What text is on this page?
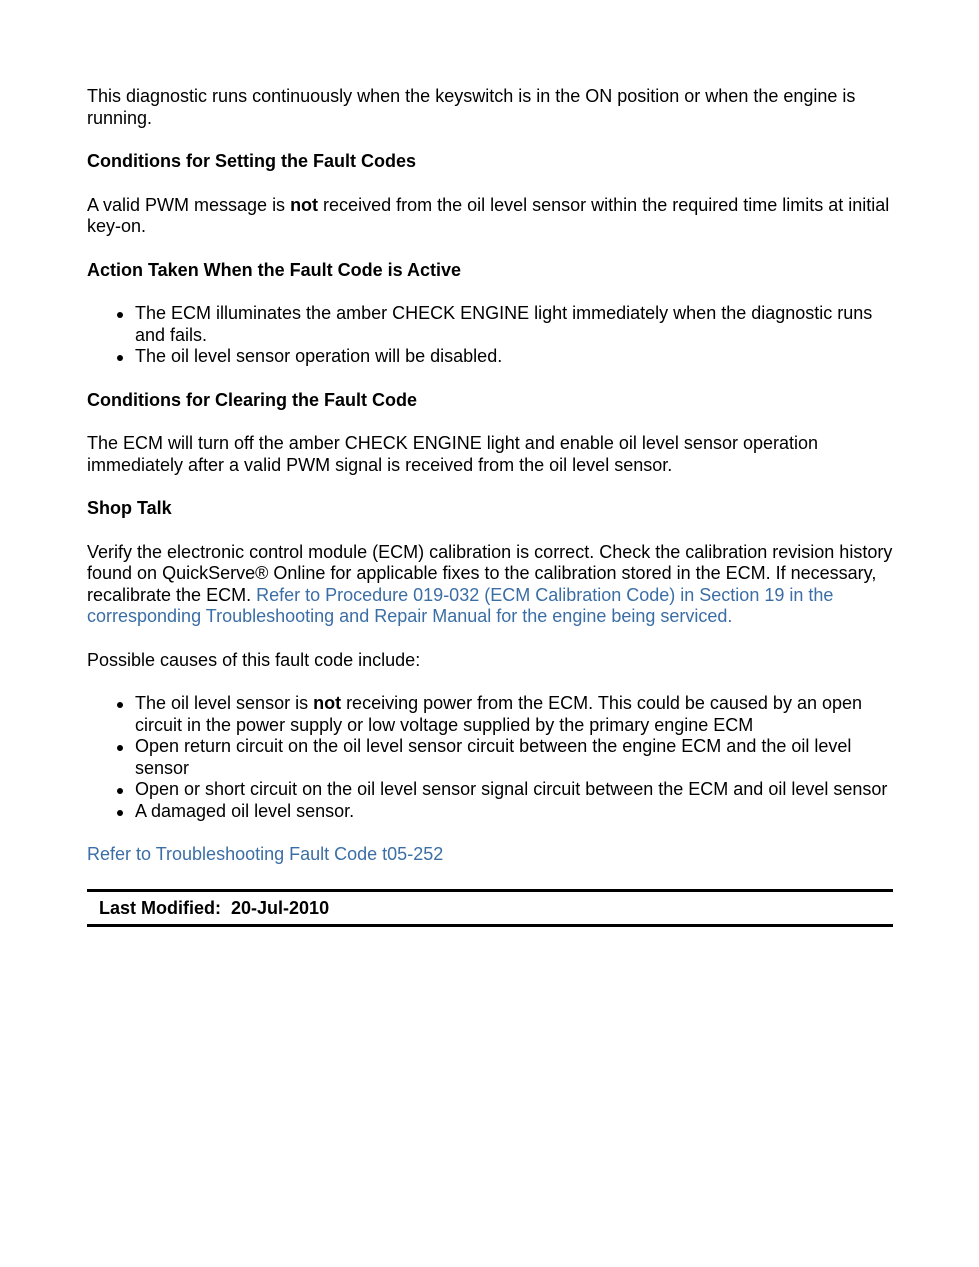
This diagnostic runs continuously when the keyswitch is in the ON position or when the engine is running.

Conditions for Setting the Fault Codes

A valid PWM message is not received from the oil level sensor within the required time limits at initial key-on.

Action Taken When the Fault Code is Active
The ECM illuminates the amber CHECK ENGINE light immediately when the diagnostic runs and fails.
The oil level sensor operation will be disabled.
Conditions for Clearing the Fault Code

The ECM will turn off the amber CHECK ENGINE light and enable oil level sensor operation immediately after a valid PWM signal is received from the oil level sensor.

Shop Talk

Verify the electronic control module (ECM) calibration is correct. Check the calibration revision history found on QuickServe® Online for applicable fixes to the calibration stored in the ECM. If necessary, recalibrate the ECM. Refer to Procedure 019-032 (ECM Calibration Code) in Section 19 in the corresponding Troubleshooting and Repair Manual for the engine being serviced.

Possible causes of this fault code include:

The oil level sensor is not receiving power from the ECM. This could be caused by an open circuit in the power supply or low voltage supplied by the primary engine ECM
Open return circuit on the oil level sensor circuit between the engine ECM and the oil level sensor
Open or short circuit on the oil level sensor signal circuit between the ECM and oil level sensor
A damaged oil level sensor.

Refer to Troubleshooting Fault Code t05-252

Last Modified: 20-Jul-2010
